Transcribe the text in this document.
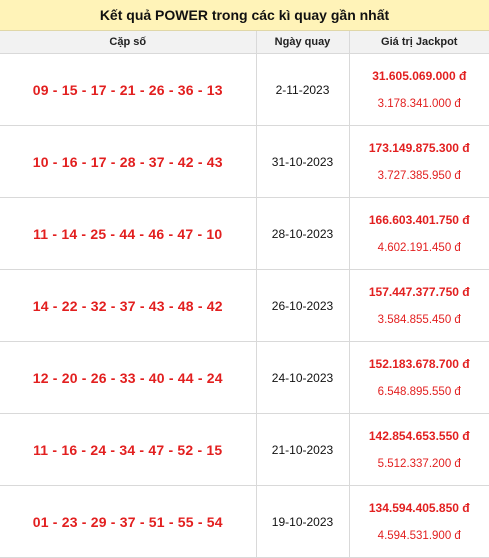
Kết quả POWER trong các kì quay gần nhất
Cặp số	Ngày quay	Giá trị Jackpot
09 - 15 - 17 - 21 - 26 - 36 - 13	2-11-2023	31.605.069.000 đ
3.178.341.000 đ

10 - 16 - 17 - 28 - 37 - 42 - 43	31-10-2023	173.149.875.300 đ
3.727.385.950 đ

11 - 14 - 25 - 44 - 46 - 47 - 10	28-10-2023	166.603.401.750 đ
4.602.191.450 đ

14 - 22 - 32 - 37 - 43 - 48 - 42	26-10-2023	157.447.377.750 đ
3.584.855.450 đ

12 - 20 - 26 - 33 - 40 - 44 - 24	24-10-2023	152.183.678.700 đ
6.548.895.550 đ

11 - 16 - 24 - 34 - 47 - 52 - 15	21-10-2023	142.854.653.550 đ
5.512.337.200 đ

01 - 23 - 29 - 37 - 51 - 55 - 54	19-10-2023	134.594.405.850 đ
4.594.531.900 đ
